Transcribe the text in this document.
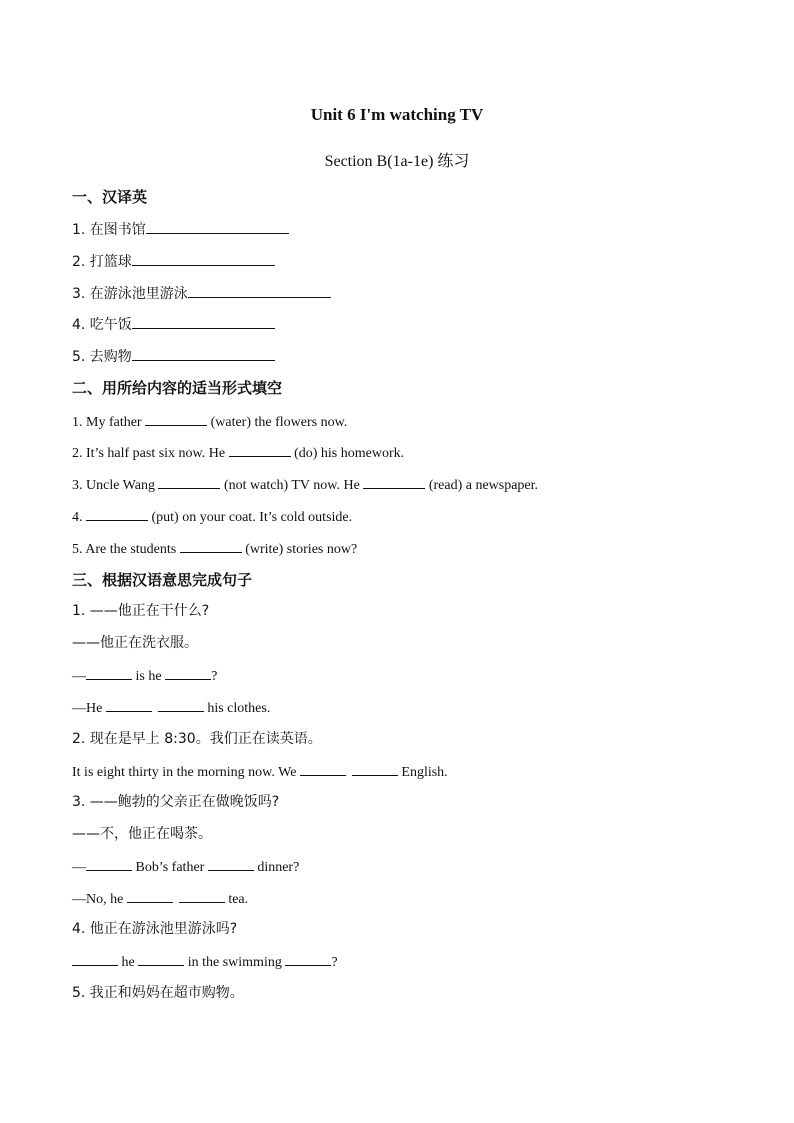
Unit 6 I'm watching TV
Section B(1a-1e) 练习
一、汉译英
1. 在图书馆
2. 打篮球
3. 在游泳池里游泳
4. 吃午饭
5. 去购物
二、用所给内容的适当形式填空
1. My father	(water) the flowers now.
2. It’s half past six now. He	(do) his homework.
3. Uncle Wang	(not watch) TV now. He	(read) a newspaper.
4.	(put) on your coat. It’s cold outside.
5. Are the students	(write) stories now?
三、根据汉语意思完成句子
1. ——他正在干什么?
——他正在洗衣服。
—	is he	?
—He	his clothes.
2. 现在是早上 8:30。我们正在读英语。
It is eight thirty in the morning now. We	English.
3. ——鲍勃的父亲正在做晚饭吗?
——不，他正在喝茶。
—	Bob’s father	dinner?
—No, he	tea.
4. 他正在游泳池里游泳吗?
he	in the swimming	?
5. 我正和妈妈在超市购物。
